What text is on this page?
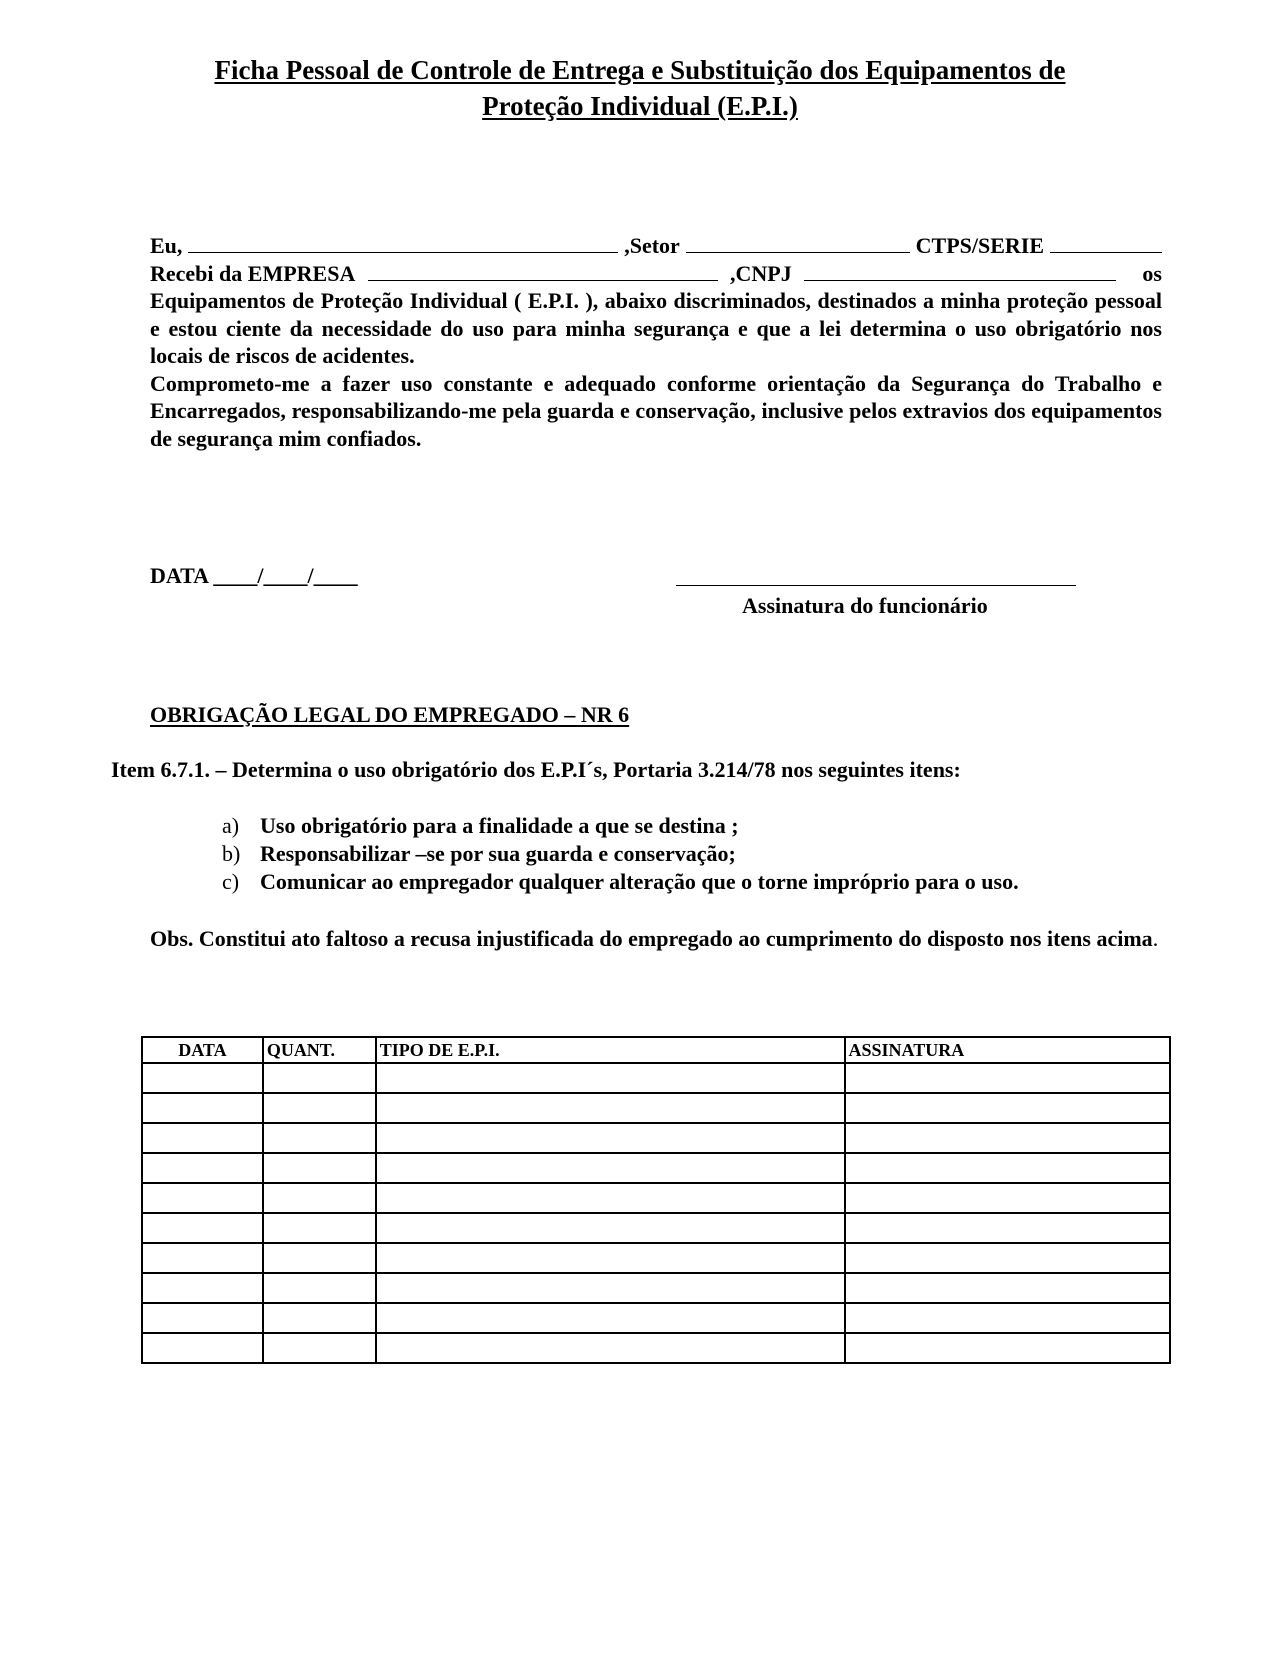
Ficha Pessoal de Controle de Entrega e Substituição dos Equipamentos de
Proteção Individual (E.P.I.)
Eu,	,Setor	CTPS/SERIE
Recebi da EMPRESA	,CNPJ	os

Equipamentos de Proteção Individual ( E.P.I. ), abaixo discriminados, destinados a minha proteção pessoal e estou ciente da necessidade do uso para minha segurança e que a lei determina o uso obrigatório nos locais de riscos de acidentes.

Comprometo-me a fazer uso constante e adequado conforme orientação da Segurança do Trabalho e Encarregados, responsabilizando-me pela guarda e conservação, inclusive pelos extravios dos equipamentos de segurança mim confiados.

DATA ____/____/____
Assinatura do funcionário
OBRIGAÇÃO LEGAL DO EMPREGADO – NR 6
Item 6.7.1. – Determina o uso obrigatório dos E.P.I´s, Portaria 3.214/78 nos seguintes itens:
a) Uso obrigatório para a finalidade a que se destina ;
b) Responsabilizar –se por sua guarda e conservação;
c) Comunicar ao empregador qualquer alteração que o torne impróprio para o uso.

Obs. Constitui ato faltoso a recusa injustificada do empregado ao cumprimento do disposto nos itens acima.

DATA	QUANT.	TIPO DE E.P.I.	ASSINATURA
